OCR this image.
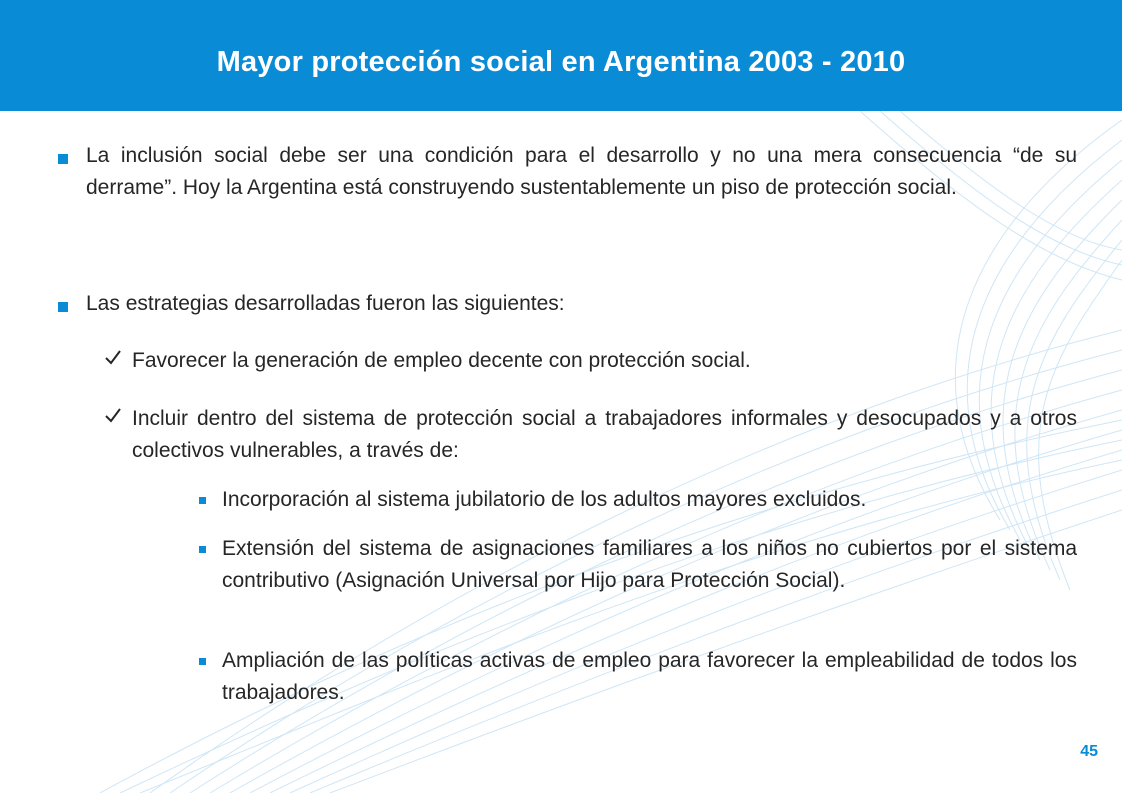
Mayor protección social en Argentina 2003 - 2010
La inclusión social debe ser una condición para el desarrollo y no una mera consecuencia “de su derrame”. Hoy la Argentina está construyendo sustentablemente un piso de protección social.
Las estrategias desarrolladas fueron las siguientes:
Favorecer la generación de empleo decente con protección social.
Incluir dentro del sistema de protección social a trabajadores informales y desocupados y a otros colectivos vulnerables, a través de:
Incorporación al sistema jubilatorio de los adultos mayores excluidos.
Extensión del sistema de asignaciones familiares a los niños no cubiertos por el sistema contributivo (Asignación Universal por Hijo para Protección Social).
Ampliación de las políticas activas de empleo para favorecer la empleabilidad de todos los trabajadores.
45
